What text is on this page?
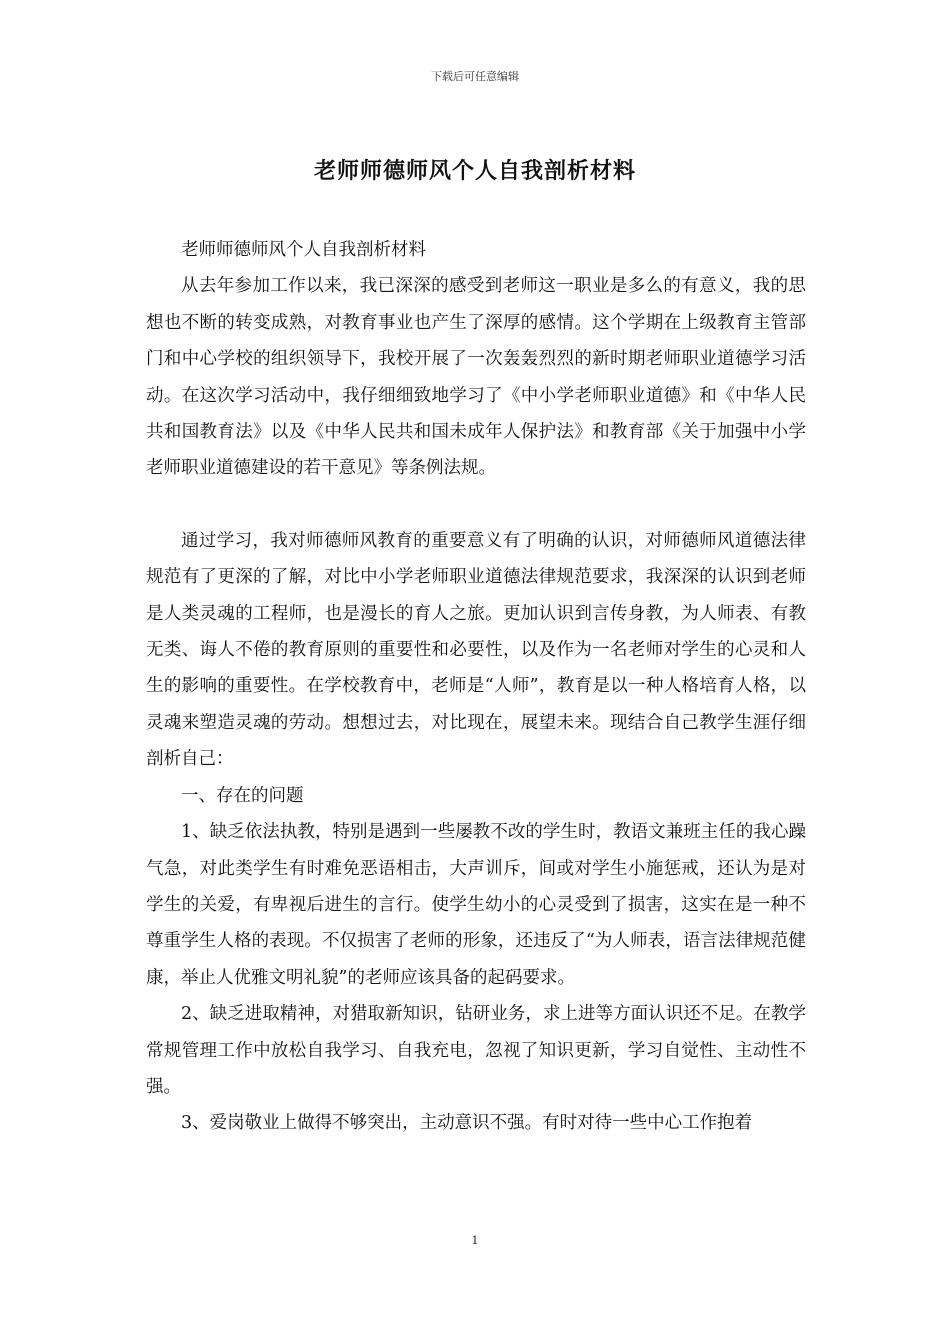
下载后可任意编辑
老师师德师风个人自我剖析材料

老师师德师风个人自我剖析材料

从去年参加工作以来，我已深深的感受到老师这一职业是多么的有意义，我的思想也不断的转变成熟，对教育事业也产生了深厚的感情。这个学期在上级教育主管部门和中心学校的组织领导下，我校开展了一次轰轰烈烈的新时期老师职业道德学习活动。在这次学习活动中，我仔细细致地学习了《中小学老师职业道德》和《中华人民共和国教育法》以及《中华人民共和国未成年人保护法》和教育部《关于加强中小学老师职业道德建设的若干意见》等条例法规。

通过学习，我对师德师风教育的重要意义有了明确的认识，对师德师风道德法律规范有了更深的了解，对比中小学老师职业道德法律规范要求，我深深的认识到老师是人类灵魂的工程师，也是漫长的育人之旅。更加认识到言传身教，为人师表、有教无类、诲人不倦的教育原则的重要性和必要性，以及作为一名老师对学生的心灵和人生的影响的重要性。在学校教育中，老师是“人师”，教育是以一种人格培育人格，以灵魂来塑造灵魂的劳动。想想过去，对比现在，展望未来。现结合自己教学生涯仔细剖析自己：

一、存在的问题

1、缺乏依法执教，特别是遇到一些屡教不改的学生时，教语文兼班主任的我心躁气急，对此类学生有时难免恶语相击，大声训斥，间或对学生小施惩戒，还认为是对学生的关爱，有卑视后进生的言行。使学生幼小的心灵受到了损害，这实在是一种不尊重学生人格的表现。不仅损害了老师的形象，还违反了“为人师表，语言法律规范健康，举止人优雅文明礼貌”的老师应该具备的起码要求。

2、缺乏进取精神，对猎取新知识，钻研业务，求上进等方面认识还不足。在教学常规管理工作中放松自我学习、自我充电，忽视了知识更新，学习自觉性、主动性不强。

3、爱岗敬业上做得不够突出，主动意识不强。有时对待一些中心工作抱着

1
